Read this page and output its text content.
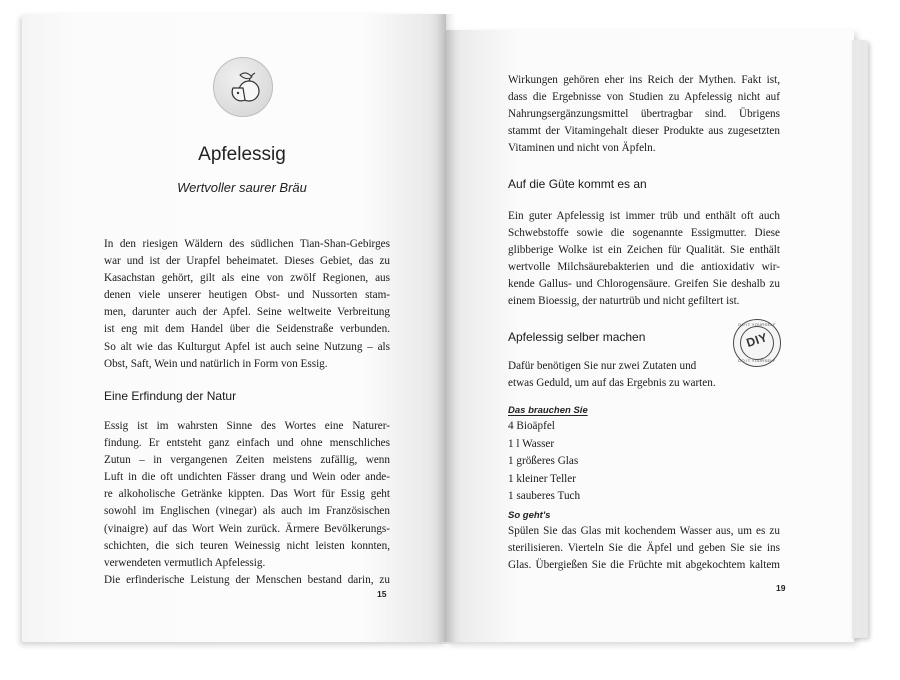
Apfelessig
Wertvoller saurer Bräu

In den riesigen Wäldern des südlichen Tian-Shan-Gebirges
war und ist der Urapfel beheimatet. Dieses Gebiet, das zu
Kasachstan gehört, gilt als eine von zwölf Regionen, aus
denen viele unserer heutigen Obst- und Nussorten stam-
men, darunter auch der Apfel. Seine weltweite Verbreitung
ist eng mit dem Handel über die Seidenstraße verbunden.
So alt wie das Kulturgut Apfel ist auch seine Nutzung – als
Obst, Saft, Wein und natürlich in Form von Essig.

Eine Erfindung der Natur

Essig ist im wahrsten Sinne des Wortes eine Naturer-
findung. Er entsteht ganz einfach und ohne menschliches
Zutun – in vergangenen Zeiten meistens zufällig, wenn
Luft in die oft undichten Fässer drang und Wein oder ande-
re alkoholische Getränke kippten. Das Wort für Essig geht
sowohl im Englischen (vinegar) als auch im Französischen
(vinaigre) auf das Wort Wein zurück. Ärmere Bevölkerungs-
schichten, die sich teuren Weinessig nicht leisten konnten,
verwendeten vermutlich Apfelessig.
Die erfinderische Leistung der Menschen bestand darin, zu

15

Wirkungen gehören eher ins Reich der Mythen. Fakt ist,
dass die Ergebnisse von Studien zu Apfelessig nicht auf
Nahrungsergänzungsmittel übertragbar sind. Übrigens
stammt der Vitamingehalt dieser Produkte aus zugesetzten
Vitaminen und nicht von Äpfeln.

Auf die Güte kommt es an

Ein guter Apfelessig ist immer trüb und enthält oft auch
Schwebstoffe sowie die sogenannte Essigmutter. Diese
glibberige Wolke ist ein Zeichen für Qualität. Sie enthält
wertvolle Milchsäurebakterien und die antioxidativ wir-
kende Gallus- und Chlorogensäure. Greifen Sie deshalb zu
einem Bioessig, der naturtrüb und nicht gefiltert ist.

Apfelessig selber machen
DO IT YOURSELF
DIY
DO IT YOURSELF

Dafür benötigen Sie nur zwei Zutaten und
etwas Geduld, um auf das Ergebnis zu warten.

Das brauchen Sie
4 Bioäpfel
1 l Wasser
1 größeres Glas
1 kleiner Teller
1 sauberes Tuch
So geht's

Spülen Sie das Glas mit kochendem Wasser aus, um es zu
sterilisieren. Vierteln Sie die Äpfel und geben Sie sie ins
Glas. Übergießen Sie die Früchte mit abgekochtem kaltem

19
